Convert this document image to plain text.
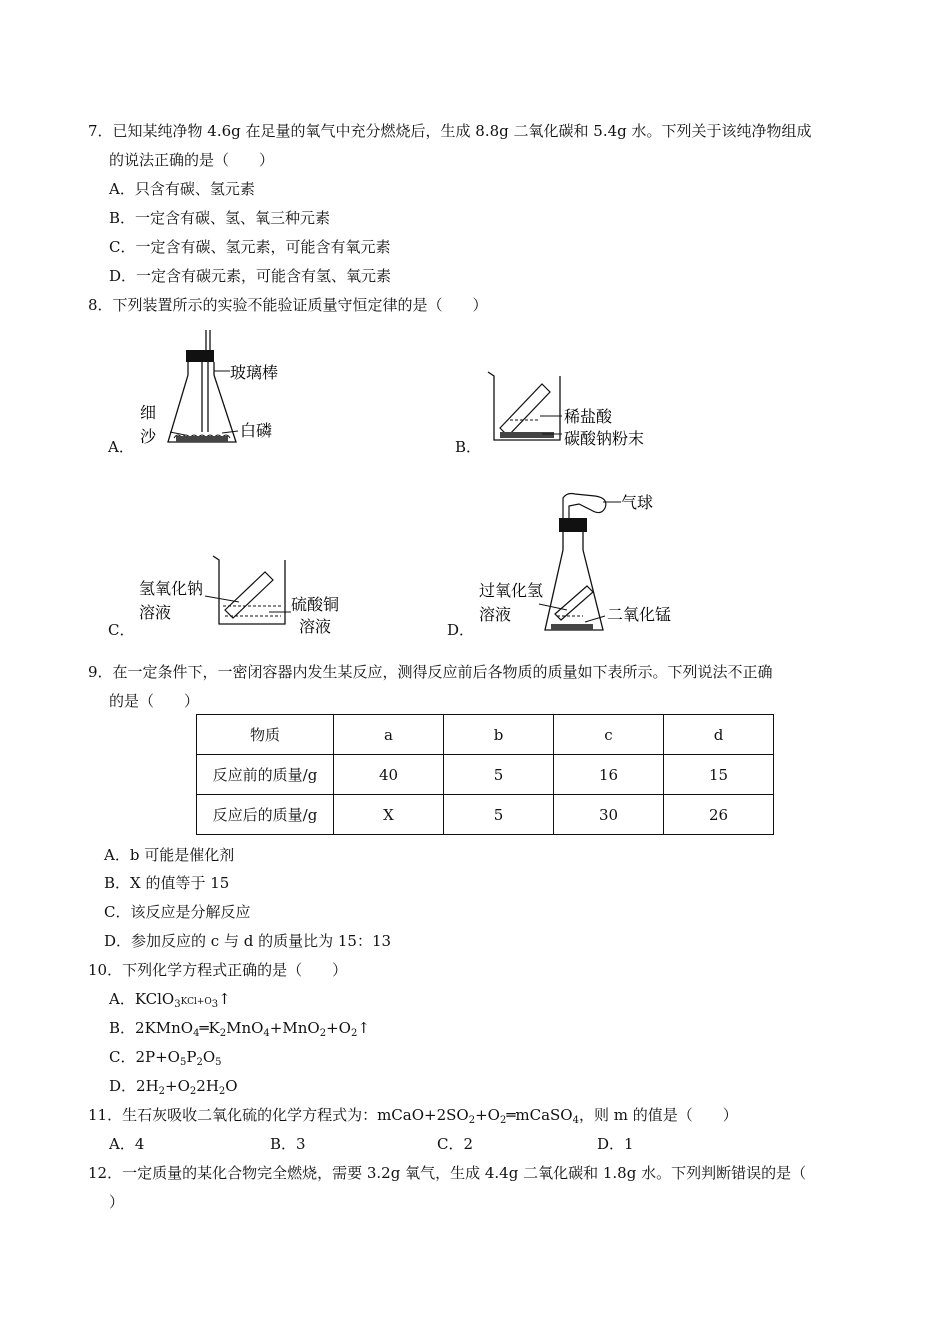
7．已知某纯净物 4.6g 在足量的氧气中充分燃烧后，生成 8.8g 二氧化碳和 5.4g 水。下列关于该纯净物组成
的说法正确的是（　　）
A．只含有碳、氢元素
B．一定含有碳、氢、氧三种元素
C．一定含有碳、氢元素，可能含有氧元素
D．一定含有碳元素，可能含有氢、氧元素
8．下列装置所示的实验不能验证质量守恒定律的是（　　）
A．
玻璃棒
细
沙	白磷
B．
稀盐酸
碳酸钠粉末
C．
氢氧化钠
溶液	硫酸铜
溶液	D．
气球
过氧化氢
溶液	二氧化锰
9．在一定条件下，一密闭容器内发生某反应，测得反应前后各物质的质量如下表所示。下列说法不正确
的是（　　）
物质	a	b	c	d
反应前的质量/g	40	5	16	15
反应后的质量/g	X	5	30	26
A．b 可能是催化剂
B．X 的值等于 15
C．该反应是分解反应
D．参加反应的 c 与 d 的质量比为 15：13
10．下列化学方程式正确的是（　　）
A．$KClO_3KCl+O_3↑$
B．$2KMnO_4═K_2MnO_4+MnO_2+O_2↑$
C．$2P+O_5P_2O_5$
D．$2H_2+O_22H_2O$
11．生石灰吸收二氧化硫的化学方程式为：$mCaO+2SO_2+O_2═mCaSO_4$，则 m 的值是（　　）
A．4	B．3	C．2	D．1
12．一定质量的某化合物完全燃烧，需要 3.2g 氧气，生成 4.4g 二氧化碳和 1.8g 水。下列判断错误的是（
）
